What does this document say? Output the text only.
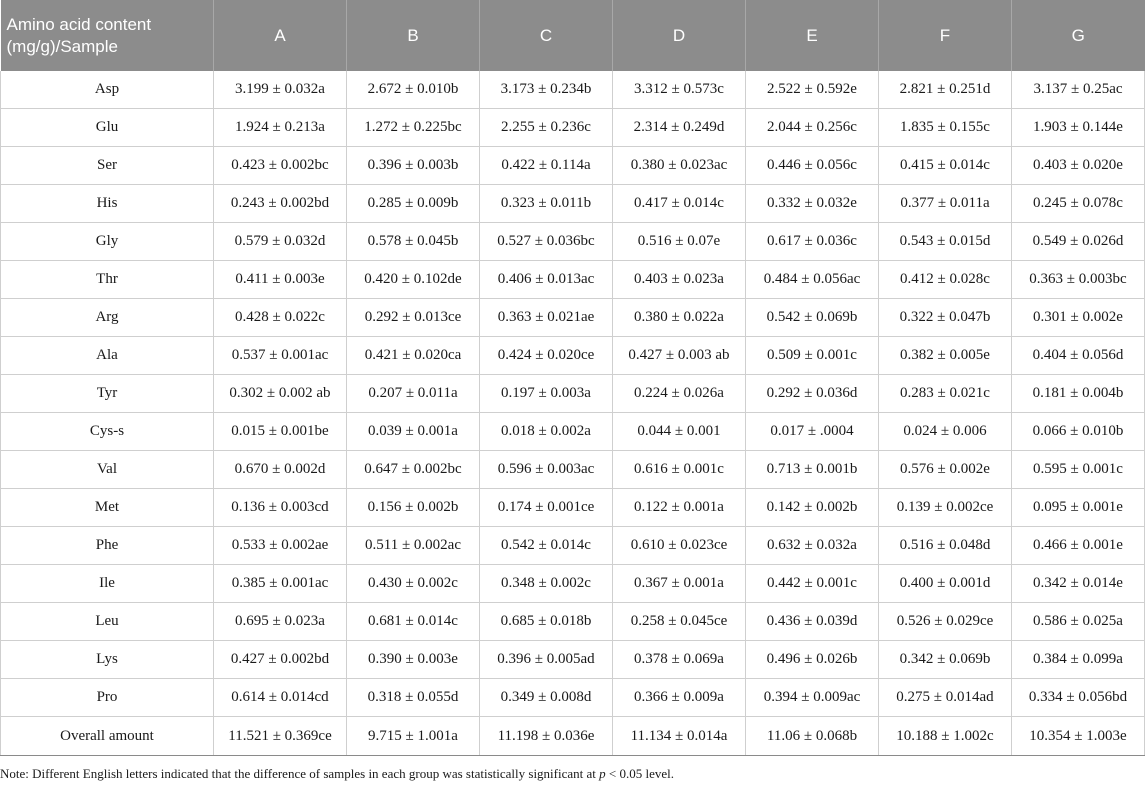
Amino acid content (mg/g)/Sample	A	B	C	D	E	F	G
Asp	3.199 ± 0.032a	2.672 ± 0.010b	3.173 ± 0.234b	3.312 ± 0.573c	2.522 ± 0.592e	2.821 ± 0.251d	3.137 ± 0.25ac
Glu	1.924 ± 0.213a	1.272 ± 0.225bc	2.255 ± 0.236c	2.314 ± 0.249d	2.044 ± 0.256c	1.835 ± 0.155c	1.903 ± 0.144e
Ser	0.423 ± 0.002bc	0.396 ± 0.003b	0.422 ± 0.114a	0.380 ± 0.023ac	0.446 ± 0.056c	0.415 ± 0.014c	0.403 ± 0.020e
His	0.243 ± 0.002bd	0.285 ± 0.009b	0.323 ± 0.011b	0.417 ± 0.014c	0.332 ± 0.032e	0.377 ± 0.011a	0.245 ± 0.078c
Gly	0.579 ± 0.032d	0.578 ± 0.045b	0.527 ± 0.036bc	0.516 ± 0.07e	0.617 ± 0.036c	0.543 ± 0.015d	0.549 ± 0.026d
Thr	0.411 ± 0.003e	0.420 ± 0.102de	0.406 ± 0.013ac	0.403 ± 0.023a	0.484 ± 0.056ac	0.412 ± 0.028c	0.363 ± 0.003bc
Arg	0.428 ± 0.022c	0.292 ± 0.013ce	0.363 ± 0.021ae	0.380 ± 0.022a	0.542 ± 0.069b	0.322 ± 0.047b	0.301 ± 0.002e
Ala	0.537 ± 0.001ac	0.421 ± 0.020ca	0.424 ± 0.020ce	0.427 ± 0.003 ab	0.509 ± 0.001c	0.382 ± 0.005e	0.404 ± 0.056d
Tyr	0.302 ± 0.002 ab	0.207 ± 0.011a	0.197 ± 0.003a	0.224 ± 0.026a	0.292 ± 0.036d	0.283 ± 0.021c	0.181 ± 0.004b
Cys-s	0.015 ± 0.001be	0.039 ± 0.001a	0.018 ± 0.002a	0.044 ± 0.001	0.017 ± .0004	0.024 ± 0.006	0.066 ± 0.010b
Val	0.670 ± 0.002d	0.647 ± 0.002bc	0.596 ± 0.003ac	0.616 ± 0.001c	0.713 ± 0.001b	0.576 ± 0.002e	0.595 ± 0.001c
Met	0.136 ± 0.003cd	0.156 ± 0.002b	0.174 ± 0.001ce	0.122 ± 0.001a	0.142 ± 0.002b	0.139 ± 0.002ce	0.095 ± 0.001e
Phe	0.533 ± 0.002ae	0.511 ± 0.002ac	0.542 ± 0.014c	0.610 ± 0.023ce	0.632 ± 0.032a	0.516 ± 0.048d	0.466 ± 0.001e
Ile	0.385 ± 0.001ac	0.430 ± 0.002c	0.348 ± 0.002c	0.367 ± 0.001a	0.442 ± 0.001c	0.400 ± 0.001d	0.342 ± 0.014e
Leu	0.695 ± 0.023a	0.681 ± 0.014c	0.685 ± 0.018b	0.258 ± 0.045ce	0.436 ± 0.039d	0.526 ± 0.029ce	0.586 ± 0.025a
Lys	0.427 ± 0.002bd	0.390 ± 0.003e	0.396 ± 0.005ad	0.378 ± 0.069a	0.496 ± 0.026b	0.342 ± 0.069b	0.384 ± 0.099a
Pro	0.614 ± 0.014cd	0.318 ± 0.055d	0.349 ± 0.008d	0.366 ± 0.009a	0.394 ± 0.009ac	0.275 ± 0.014ad	0.334 ± 0.056bd
Overall amount	11.521 ± 0.369ce	9.715 ± 1.001a	11.198 ± 0.036e	11.134 ± 0.014a	11.06 ± 0.068b	10.188 ± 1.002c	10.354 ± 1.003e
Note: Different English letters indicated that the difference of samples in each group was statistically significant at p < 0.05 level.
